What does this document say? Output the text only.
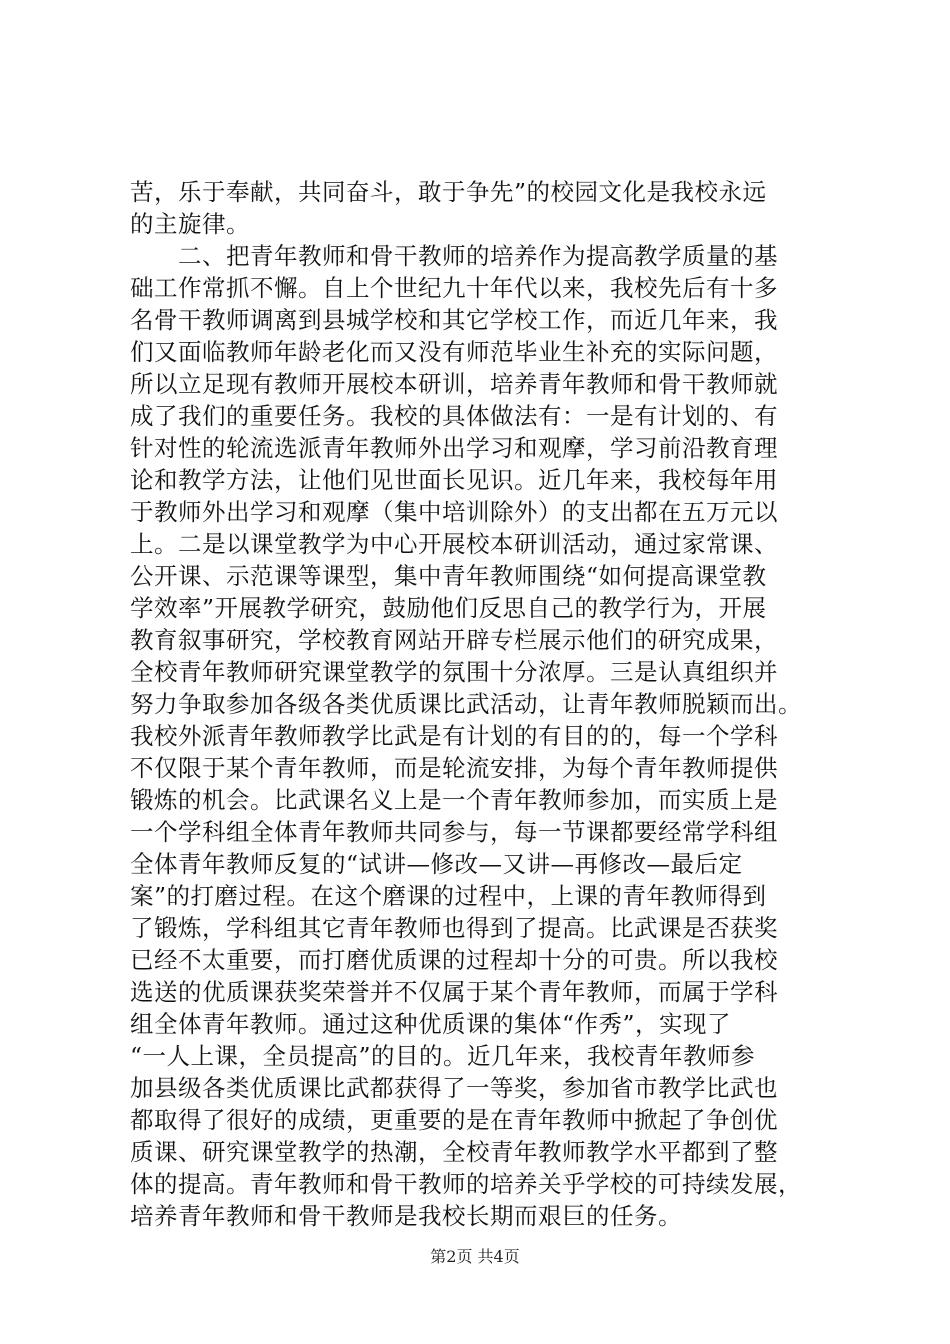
苦，乐于奉献，共同奋斗，敢于争先”的校园文化是我校永远
的主旋律。
　　二、把青年教师和骨干教师的培养作为提高教学质量的基
础工作常抓不懈。自上个世纪九十年代以来，我校先后有十多
名骨干教师调离到县城学校和其它学校工作，而近几年来，我
们又面临教师年龄老化而又没有师范毕业生补充的实际问题，
所以立足现有教师开展校本研训，培养青年教师和骨干教师就
成了我们的重要任务。我校的具体做法有：一是有计划的、有
针对性的轮流选派青年教师外出学习和观摩，学习前沿教育理
论和教学方法，让他们见世面长见识。近几年来，我校每年用
于教师外出学习和观摩（集中培训除外）的支出都在五万元以
上。二是以课堂教学为中心开展校本研训活动，通过家常课、
公开课、示范课等课型，集中青年教师围绕“如何提高课堂教
学效率”开展教学研究，鼓励他们反思自己的教学行为，开展
教育叙事研究，学校教育网站开辟专栏展示他们的研究成果，
全校青年教师研究课堂教学的氛围十分浓厚。三是认真组织并
努力争取参加各级各类优质课比武活动，让青年教师脱颖而出。
我校外派青年教师教学比武是有计划的有目的的，每一个学科
不仅限于某个青年教师，而是轮流安排，为每个青年教师提供
锻炼的机会。比武课名义上是一个青年教师参加，而实质上是
一个学科组全体青年教师共同参与，每一节课都要经常学科组
全体青年教师反复的“试讲—修改—又讲—再修改—最后定
案”的打磨过程。在这个磨课的过程中，上课的青年教师得到
了锻炼，学科组其它青年教师也得到了提高。比武课是否获奖
已经不太重要，而打磨优质课的过程却十分的可贵。所以我校
选送的优质课获奖荣誉并不仅属于某个青年教师，而属于学科
组全体青年教师。通过这种优质课的集体“作秀”，实现了
“一人上课，全员提高”的目的。近几年来，我校青年教师参
加县级各类优质课比武都获得了一等奖，参加省市教学比武也
都取得了很好的成绩，更重要的是在青年教师中掀起了争创优
质课、研究课堂教学的热潮，全校青年教师教学水平都到了整
体的提高。青年教师和骨干教师的培养关乎学校的可持续发展，
培养青年教师和骨干教师是我校长期而艰巨的任务。
第2页 共4页
